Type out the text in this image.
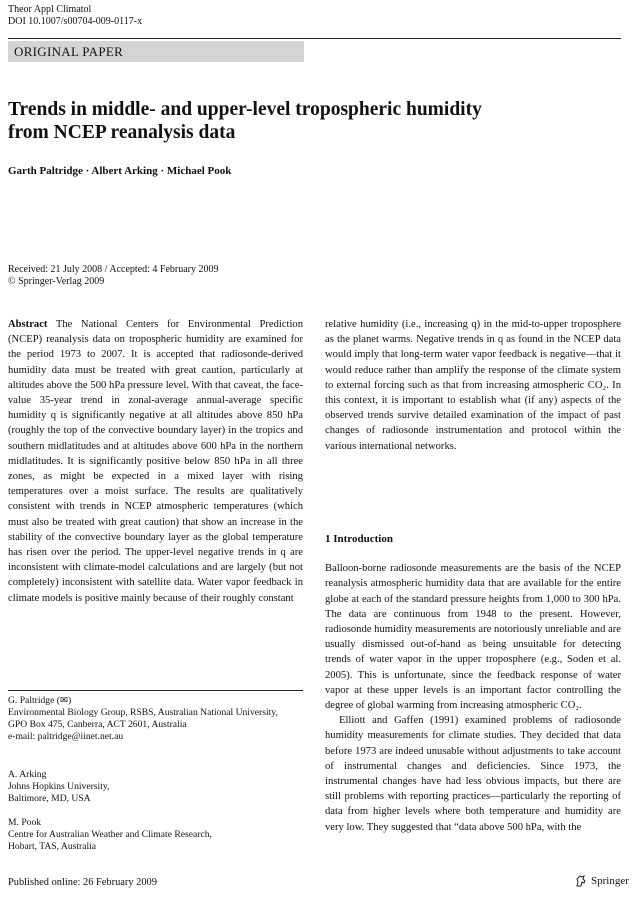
Theor Appl Climatol
DOI 10.1007/s00704-009-0117-x
ORIGINAL PAPER
Trends in middle- and upper-level tropospheric humidity
from NCEP reanalysis data
Garth Paltridge · Albert Arking · Michael Pook
Received: 21 July 2008 / Accepted: 4 February 2009
© Springer-Verlag 2009

Abstract The National Centers for Environmental Prediction (NCEP) reanalysis data on tropospheric humidity are examined for the period 1973 to 2007. It is accepted that radiosonde-derived humidity data must be treated with great caution, particularly at altitudes above the 500 hPa pressure level. With that caveat, the face-value 35-year trend in zonal-average annual-average specific humidity q is significantly negative at all altitudes above 850 hPa (roughly the top of the convective boundary layer) in the tropics and southern midlatitudes and at altitudes above 600 hPa in the northern midlatitudes. It is significantly positive below 850 hPa in all three zones, as might be expected in a mixed layer with rising temperatures over a moist surface. The results are qualitatively consistent with trends in NCEP atmospheric temperatures (which must also be treated with great caution) that show an increase in the stability of the convective boundary layer as the global temperature has risen over the period. The upper-level negative trends in q are inconsistent with climate-model calculations and are largely (but not completely) inconsistent with satellite data. Water vapor feedback in climate models is positive mainly because of their roughly constant

relative humidity (i.e., increasing q) in the mid-to-upper troposphere as the planet warms. Negative trends in q as found in the NCEP data would imply that long-term water vapor feedback is negative—that it would reduce rather than amplify the response of the climate system to external forcing such as that from increasing atmospheric CO₂. In this context, it is important to establish what (if any) aspects of the observed trends survive detailed examination of the impact of past changes of radiosonde instrumentation and protocol within the various international networks.

1 Introduction

Balloon-borne radiosonde measurements are the basis of the NCEP reanalysis atmospheric humidity data that are available for the entire globe at each of the standard pressure heights from 1,000 to 300 hPa. The data are continuous from 1948 to the present. However, radiosonde humidity measurements are notoriously unreliable and are usually dismissed out-of-hand as being unsuitable for detecting trends of water vapor in the upper troposphere (e.g., Soden et al. 2005). This is unfortunate, since the feedback response of water vapor at these upper levels is an important factor controlling the degree of global warming from increasing atmospheric CO₂.

Elliott and Gaffen (1991) examined problems of radiosonde humidity measurements for climate studies. They decided that data before 1973 are indeed unusable without adjustments to take account of instrumental changes and deficiencies. Since 1973, the instrumental changes have had less obvious impacts, but there are still problems with reporting practices—particularly the reporting of data from higher levels where both temperature and humidity are very low. They suggested that “data above 500 hPa, with the

G. Paltridge (✉)
Environmental Biology Group, RSBS, Australian National University,
GPO Box 475, Canberra, ACT 2601, Australia
e-mail: paltridge@iinet.net.au
A. Arking
Johns Hopkins University,
Baltimore, MD, USA
M. Pook
Centre for Australian Weather and Climate Research,
Hobart, TAS, Australia
Published online: 26 February 2009	Springer
